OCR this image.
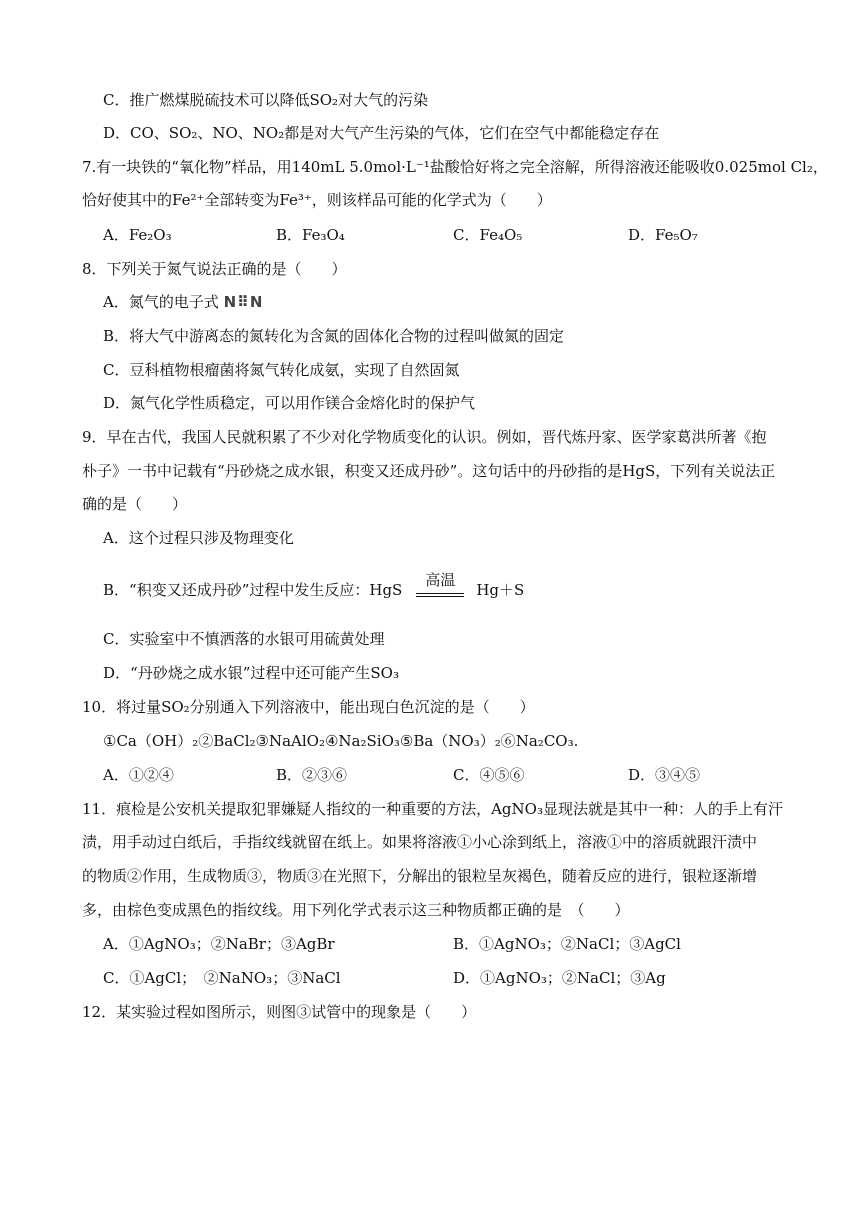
C．推广燃煤脱硫技术可以降低SO₂对大气的污染
D．CO、SO₂、NO、NO₂都是对大气产生污染的气体，它们在空气中都能稳定存在
7.有一块铁的“氧化物”样品，用140mL 5.0mol·L⁻¹盐酸恰好将之完全溶解，所得溶液还能吸收0.025mol Cl₂，
恰好使其中的Fe²⁺全部转变为Fe³⁺，则该样品可能的化学式为（　　）
A．Fe₂O₃	B．Fe₃O₄	C．Fe₄O₅	D．Fe₅O₇
8．下列关于氮气说法正确的是（　　）
A．氮气的电子式 N⠿N
B．将大气中游离态的氮转化为含氮的固体化合物的过程叫做氮的固定
C．豆科植物根瘤菌将氮气转化成氨，实现了自然固氮
D．氮气化学性质稳定，可以用作镁合金熔化时的保护气
9．早在古代，我国人民就积累了不少对化学物质变化的认识。例如，晋代炼丹家、医学家葛洪所著《抱
朴子》一书中记载有“丹砂烧之成水银，积变又还成丹砂”。这句话中的丹砂指的是HgS，下列有关说法正
确的是（　　）
A．这个过程只涉及物理变化
B．“积变又还成丹砂”过程中发生反应：HgS
高温
Hg＋S
C．实验室中不慎洒落的水银可用硫黄处理
D．“丹砂烧之成水银”过程中还可能产生SO₃
10．将过量SO₂分别通入下列溶液中，能出现白色沉淀的是（　　）
①Ca（OH）₂②BaCl₂③NaAlO₂④Na₂SiO₃⑤Ba（NO₃）₂⑥Na₂CO₃.
A．①②④	B．②③⑥	C．④⑤⑥	D．③④⑤
11．痕检是公安机关提取犯罪嫌疑人指纹的一种重要的方法，AgNO₃显现法就是其中一种：人的手上有汗
渍，用手动过白纸后，手指纹线就留在纸上。如果将溶液①小心涂到纸上，溶液①中的溶质就跟汗渍中
的物质②作用，生成物质③，物质③在光照下，分解出的银粒呈灰褐色，随着反应的进行，银粒逐渐增
多，由棕色变成黑色的指纹线。用下列化学式表示这三种物质都正确的是　（　　）
A．①AgNO₃；②NaBr；③AgBr	B．①AgNO₃；②NaCl；③AgCl
C．①AgCl；　②NaNO₃；③NaCl	D．①AgNO₃；②NaCl；③Ag
12．某实验过程如图所示，则图③试管中的现象是（　　）
